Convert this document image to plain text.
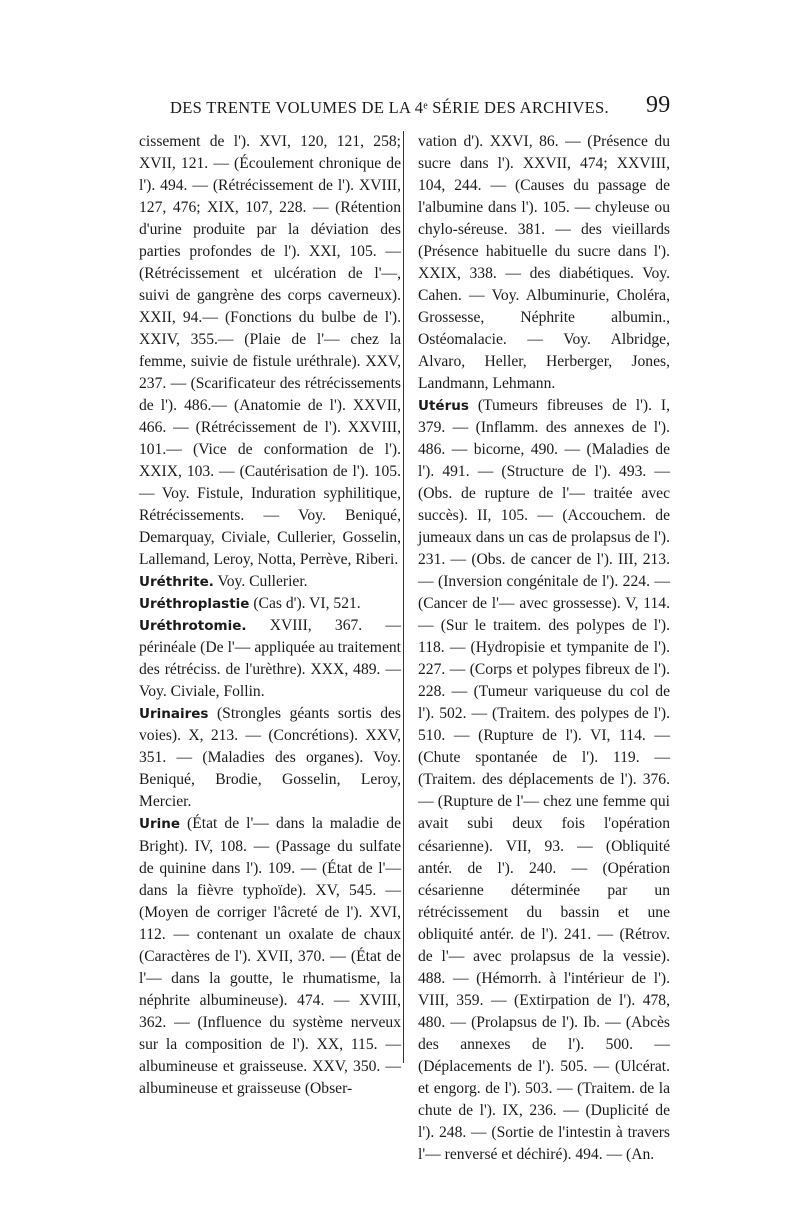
DES TRENTE VOLUMES DE LA 4ᵉ SÉRIE DES ARCHIVES. 99

cissement de l'). XVI, 120, 121, 258; XVII, 121. — (Écoulement chronique de l'). 494. — (Rétrécissement de l'). XVIII, 127, 476; XIX, 107, 228. — (Rétention d'urine produite par la déviation des parties profondes de l'). XXI, 105. — (Rétrécissement et ulcération de l'—, suivi de gangrène des corps caverneux). XXII, 94.— (Fonctions du bulbe de l'). XXIV, 355.— (Plaie de l'— chez la femme, suivie de fistule uréthrale). XXV, 237. — (Scarificateur des rétrécissements de l'). 486.— (Anatomie de l'). XXVII, 466. — (Rétrécissement de l'). XXVIII, 101.— (Vice de conformation de l'). XXIX, 103. — (Cautérisation de l'). 105. — Voy. Fistule, Induration syphilitique, Rétrécissements. — Voy. Beniqué, Demarquay, Civiale, Cullerier, Gosselin, Lallemand, Leroy, Notta, Perrève, Riberi.

Uréthrite. Voy. Cullerier.

Uréthroplastie (Cas d'). VI, 521.

Uréthrotomie. XVIII, 367. — périnéale (De l'— appliquée au traitement des rétréciss. de l'urèthre). XXX, 489. — Voy. Civiale, Follin.

Urinaires (Strongles géants sortis des voies). X, 213. — (Concrétions). XXV, 351. — (Maladies des organes). Voy. Beniqué, Brodie, Gosselin, Leroy, Mercier.

Urine (État de l'— dans la maladie de Bright). IV, 108. — (Passage du sulfate de quinine dans l'). 109. — (État de l'— dans la fièvre typhoïde). XV, 545. — (Moyen de corriger l'âcreté de l'). XVI, 112. — contenant un oxalate de chaux (Caractères de l'). XVII, 370. — (État de l'— dans la goutte, le rhumatisme, la néphrite albumineuse). 474. — XVIII, 362. — (Influence du système nerveux sur la composition de l'). XX, 115. — albumineuse et graisseuse. XXV, 350. — albumineuse et graisseuse (Obser-

vation d'). XXVI, 86. — (Présence du sucre dans l'). XXVII, 474; XXVIII, 104, 244. — (Causes du passage de l'albumine dans l'). 105. — chyleuse ou chylo-séreuse. 381. — des vieillards (Présence habituelle du sucre dans l'). XXIX, 338. — des diabétiques. Voy. Cahen. — Voy. Albuminurie, Choléra, Grossesse, Néphrite albumin., Ostéomalacie. — Voy. Albridge, Alvaro, Heller, Herberger, Jones, Landmann, Lehmann.

Utérus (Tumeurs fibreuses de l'). I, 379. — (Inflamm. des annexes de l'). 486. — bicorne, 490. — (Maladies de l'). 491. — (Structure de l'). 493. — (Obs. de rupture de l'— traitée avec succès). II, 105. — (Accouchem. de jumeaux dans un cas de prolapsus de l'). 231. — (Obs. de cancer de l'). III, 213. — (Inversion congénitale de l'). 224. — (Cancer de l'— avec grossesse). V, 114. — (Sur le traitem. des polypes de l'). 118. — (Hydropisie et tympanite de l'). 227. — (Corps et polypes fibreux de l'). 228. — (Tumeur variqueuse du col de l'). 502. — (Traitem. des polypes de l'). 510. — (Rupture de l'). VI, 114. — (Chute spontanée de l'). 119. — (Traitem. des déplacements de l'). 376. — (Rupture de l'— chez une femme qui avait subi deux fois l'opération césarienne). VII, 93. — (Obliquité antér. de l'). 240. — (Opération césarienne déterminée par un rétrécissement du bassin et une obliquité antér. de l'). 241. — (Rétrov. de l'— avec prolapsus de la vessie). 488. — (Hémorrh. à l'intérieur de l'). VIII, 359. — (Extirpation de l'). 478, 480. — (Prolapsus de l'). Ib. — (Abcès des annexes de l'). 500. — (Déplacements de l'). 505. — (Ulcérat. et engorg. de l'). 503. — (Traitem. de la chute de l'). IX, 236. — (Duplicité de l'). 248. — (Sortie de l'intestin à travers l'— renversé et déchiré). 494. — (An.
